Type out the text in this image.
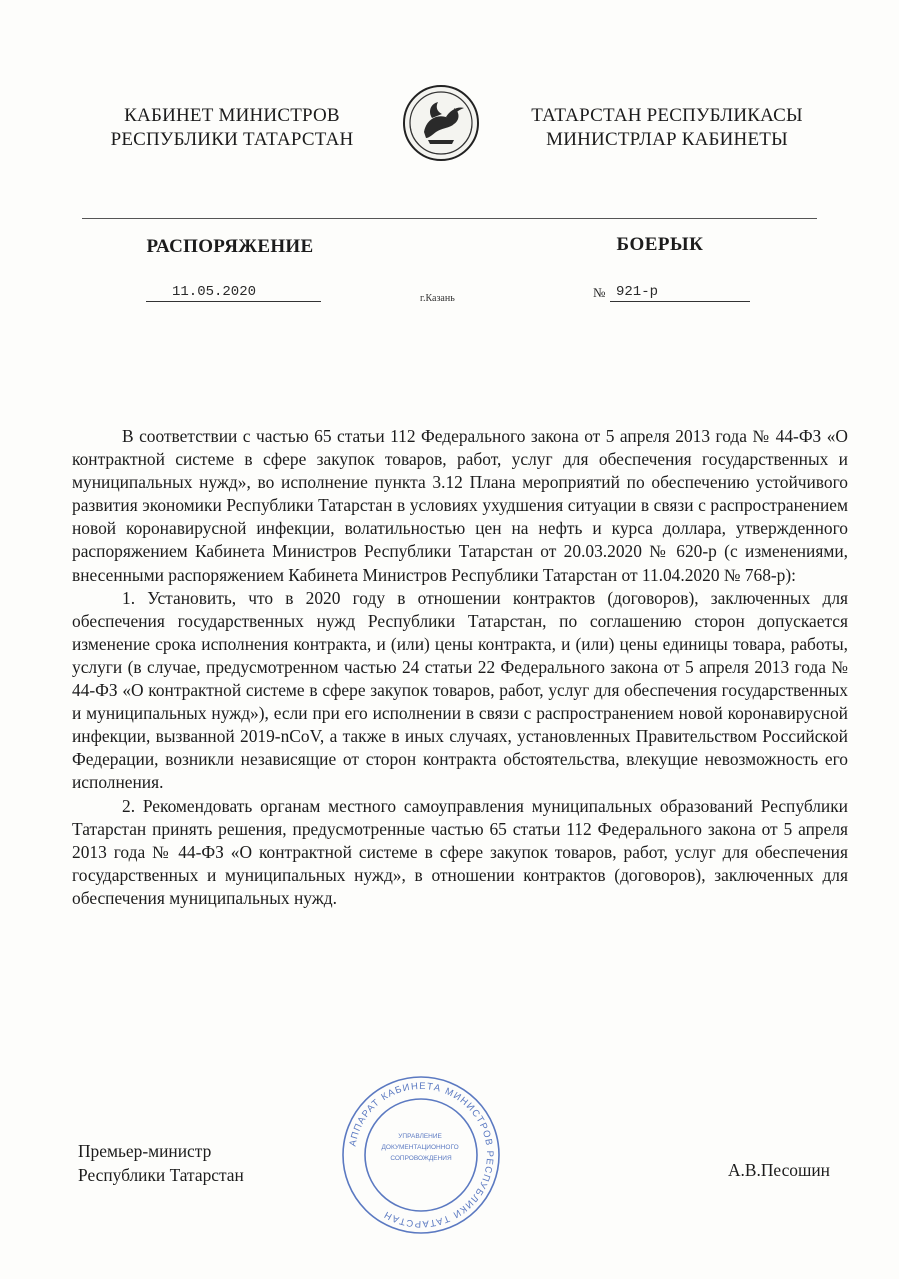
КАБИНЕТ МИНИСТРОВ
РЕСПУБЛИКИ ТАТАРСТАН
ТАТАРСТАН РЕСПУБЛИКАСЫ
МИНИСТРЛАР КАБИНЕТЫ
РАСПОРЯЖЕНИЕ	БОЕРЫК
11.05.2020	г.Казань	№ 921-р

В соответствии с частью 65 статьи 112 Федерального закона от 5 апреля 2013 года № 44-ФЗ «О контрактной системе в сфере закупок товаров, работ, услуг для обеспечения государственных и муниципальных нужд», во исполнение пункта 3.12 Плана мероприятий по обеспечению устойчивого развития экономики Республики Татарстан в условиях ухудшения ситуации в связи с распространением новой коронавирусной инфекции, волатильностью цен на нефть и курса доллара, утвержденного распоряжением Кабинета Министров Республики Татарстан от 20.03.2020 № 620-р (с изменениями, внесенными распоряжением Кабинета Министров Республики Татарстан от 11.04.2020 № 768-р):

1. Установить, что в 2020 году в отношении контрактов (договоров), заключенных для обеспечения государственных нужд Республики Татарстан, по соглашению сторон допускается изменение срока исполнения контракта, и (или) цены контракта, и (или) цены единицы товара, работы, услуги (в случае, предусмотренном частью 24 статьи 22 Федерального закона от 5 апреля 2013 года № 44-ФЗ «О контрактной системе в сфере закупок товаров, работ, услуг для обеспечения государственных и муниципальных нужд»), если при его исполнении в связи с распространением новой коронавирусной инфекции, вызванной 2019-nCoV, а также в иных случаях, установленных Правительством Российской Федерации, возникли независящие от сторон контракта обстоятельства, влекущие невозможность его исполнения.

2. Рекомендовать органам местного самоуправления муниципальных образований Республики Татарстан принять решения, предусмотренные частью 65 статьи 112 Федерального закона от 5 апреля 2013 года № 44-ФЗ «О контрактной системе в сфере закупок товаров, работ, услуг для обеспечения государственных и муниципальных нужд», в отношении контрактов (договоров), заключенных для обеспечения муниципальных нужд.

АППАРАТ КАБИНЕТА МИНИСТРОВ РЕСПУБЛИКИ ТАТАРСТАН
УПРАВЛЕНИЕ ДОКУМЕНТАЦИОННОГО СОПРОВОЖДЕНИЯ
Премьер-министр
Республики Татарстан	А.В.Песошин
